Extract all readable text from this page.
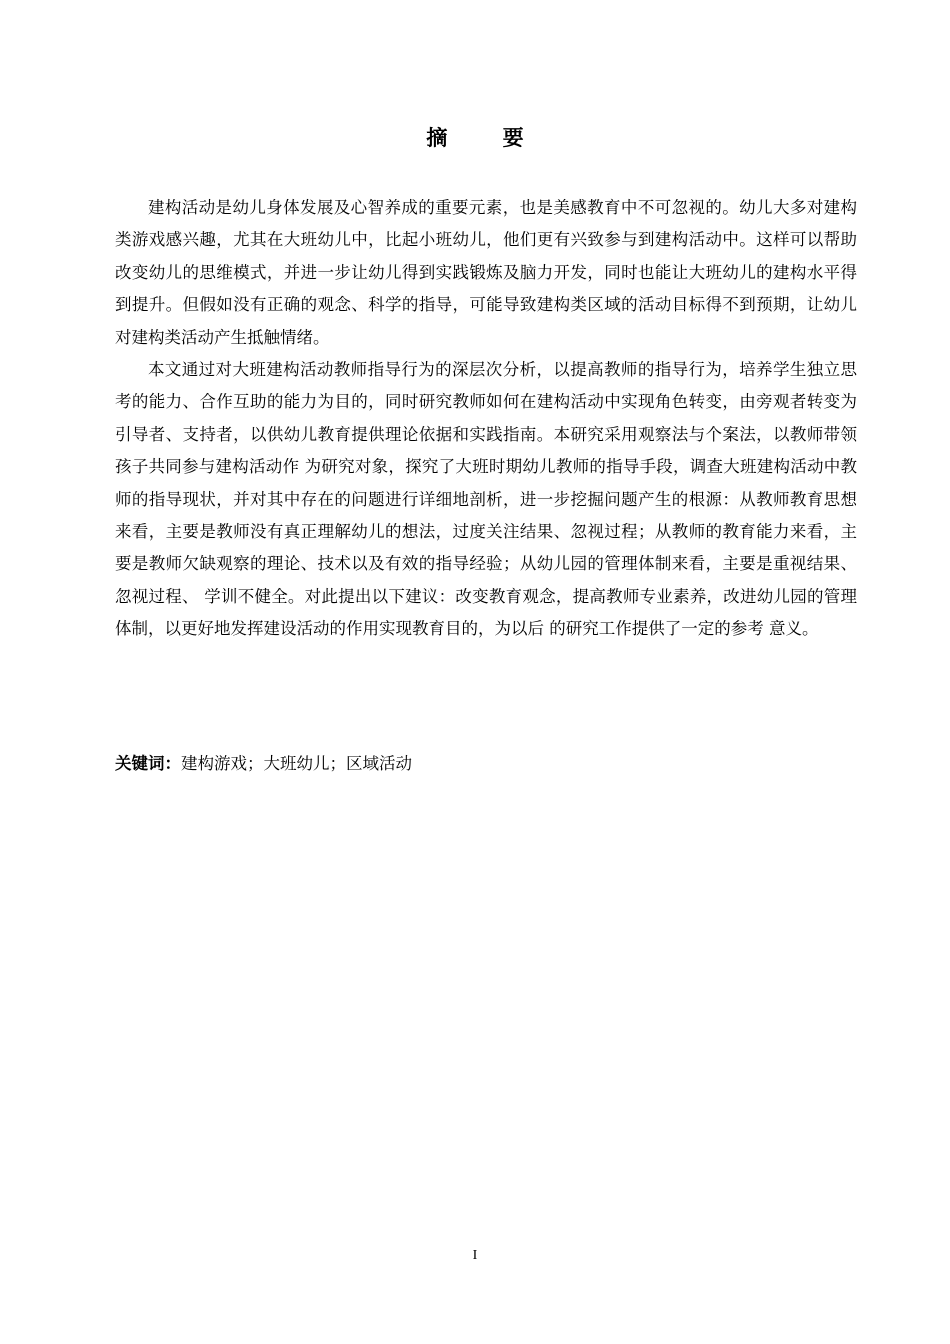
摘 要

建构活动是幼儿身体发展及心智养成的重要元素，也是美感教育中不可忽视的。幼儿大多对建构类游戏感兴趣，尤其在大班幼儿中，比起小班幼儿，他们更有兴致参与到建构活动中。这样可以帮助改变幼儿的思维模式，并进一步让幼儿得到实践锻炼及脑力开发，同时也能让大班幼儿的建构水平得到提升。但假如没有正确的观念、科学的指导，可能导致建构类区域的活动目标得不到预期，让幼儿对建构类活动产生抵触情绪。

本文通过对大班建构活动教师指导行为的深层次分析，以提高教师的指导行为，培养学生独立思考的能力、合作互助的能力为目的，同时研究教师如何在建构活动中实现角色转变，由旁观者转变为引导者、支持者，以供幼儿教育提供理论依据和实践指南。本研究采用观察法与个案法，以教师带领孩子共同参与建构活动作 为研究对象，探究了大班时期幼儿教师的指导手段，调查大班建构活动中教师的指导现状，并对其中存在的问题进行详细地剖析，进一步挖掘问题产生的根源：从教师教育思想来看，主要是教师没有真正理解幼儿的想法，过度关注结果、忽视过程；从教师的教育能力来看，主要是教师欠缺观察的理论、技术以及有效的指导经验；从幼儿园的管理体制来看，主要是重视结果、忽视过程、 学训不健全。对此提出以下建议：改变教育观念，提高教师专业素养，改进幼儿园的管理 体制，以更好地发挥建设活动的作用实现教育目的，为以后 的研究工作提供了一定的参考 意义。

关键词：建构游戏；大班幼儿；区域活动
I
